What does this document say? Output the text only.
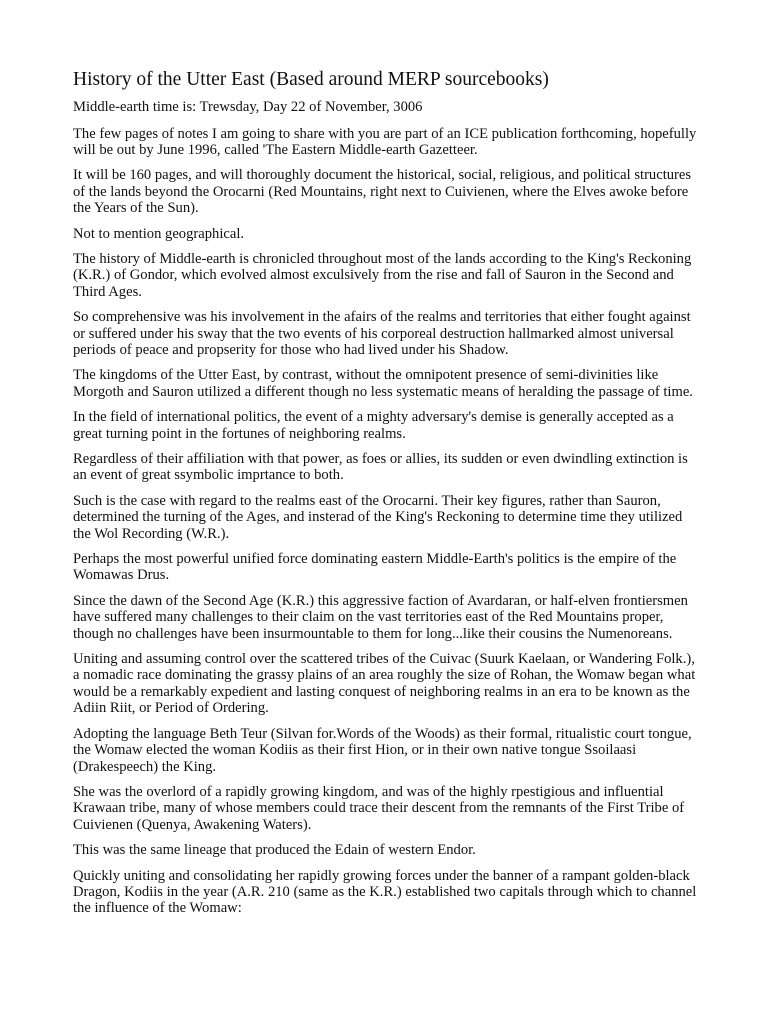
History of the Utter East (Based around MERP sourcebooks)

Middle-earth time is: Trewsday, Day 22 of November, 3006

The few pages of notes I am going to share with you are part of an ICE publication forthcoming, hopefully will be out by June 1996, called 'The Eastern Middle-earth Gazetteer.

It will be 160 pages, and will thoroughly document the historical, social, religious, and political structures of the lands beyond the Orocarni (Red Mountains, right next to Cuivienen, where the Elves awoke before the Years of the Sun).

Not to mention geographical.

The history of Middle-earth is chronicled throughout most of the lands according to the King's Reckoning (K.R.) of Gondor, which evolved almost exculsively from the rise and fall of Sauron in the Second and Third Ages.

So comprehensive was his involvement in the afairs of the realms and territories that either fought against or suffered under his sway that the two events of his corporeal destruction hallmarked almost universal periods of peace and propserity for those who had lived under his Shadow.

The kingdoms of the Utter East, by contrast, without the omnipotent presence of semi-divinities like Morgoth and Sauron utilized a different though no less systematic means of heralding the passage of time.

In the field of international politics, the event of a mighty adversary's demise is generally accepted as a great turning point in the fortunes of neighboring realms.

Regardless of their affiliation with that power, as foes or allies, its sudden or even dwindling extinction is an event of great ssymbolic imprtance to both.

Such is the case with regard to the realms east of the Orocarni. Their key figures, rather than Sauron, determined the turning of the Ages, and insterad of the King's Reckoning to determine time they utilized the Wol Recording (W.R.).

Perhaps the most powerful unified force dominating eastern Middle-Earth's politics is the empire of the Womawas Drus.

Since the dawn of the Second Age (K.R.) this aggressive faction of Avardaran, or half-elven frontiersmen have suffered many challenges to their claim on the vast territories east of the Red Mountains proper, though no challenges have been insurmountable to them for long...like their cousins the Numenoreans.

Uniting and assuming control over the scattered tribes of the Cuivac (Suurk Kaelaan, or Wandering Folk.), a nomadic race dominating the grassy plains of an area roughly the size of Rohan, the Womaw began what would be a remarkably expedient and lasting conquest of neighboring realms in an era to be known as the Adiin Riit, or Period of Ordering.

Adopting the language Beth Teur (Silvan for.Words of the Woods) as their formal, ritualistic court tongue, the Womaw elected the woman Kodiis as their first Hion, or in their own native tongue Ssoilaasi (Drakespeech) the King.

She was the overlord of a rapidly growing kingdom, and was of the highly rpestigious and influential Krawaan tribe, many of whose members could trace their descent from the remnants of the First Tribe of Cuivienen (Quenya, Awakening Waters).

This was the same lineage that produced the Edain of western Endor.

Quickly uniting and consolidating her rapidly growing forces under the banner of a rampant golden-black Dragon, Kodiis in the year (A.R. 210 (same as the K.R.) established two capitals through which to channel the influence of the Womaw:
